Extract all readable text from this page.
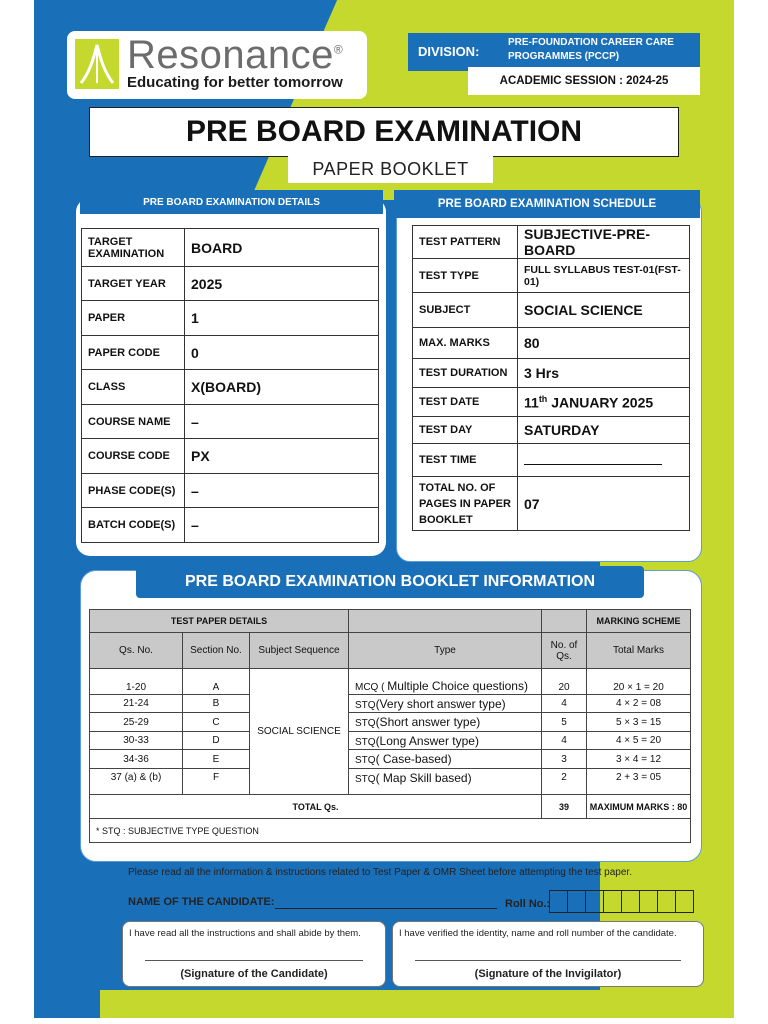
Resonance®
Educating for better tomorrow
DIVISION:
PRE-FOUNDATION CAREER CARE PROGRAMMES (PCCP)
ACADEMIC SESSION : 2024-25
PRE BOARD EXAMINATION
PAPER BOOKLET
PRE BOARD EXAMINATION DETAILS
TARGET EXAMINATION	BOARD
TARGET YEAR	2025
PAPER	1
PAPER CODE	0
CLASS	X(BOARD)
COURSE NAME	–
COURSE CODE	PX
PHASE CODE(S)	–
BATCH CODE(S)	–
PRE BOARD EXAMINATION SCHEDULE
TEST PATTERN	SUBJECTIVE-PRE-BOARD
TEST TYPE	FULL SYLLABUS TEST-01(FST-01)
SUBJECT	SOCIAL SCIENCE
MAX. MARKS	80
TEST DURATION	3 Hrs
TEST DATE	11th JANUARY 2025
TEST DAY	SATURDAY
TEST TIME	
TOTAL NO. OF PAGES IN PAPER BOOKLET	07
PRE BOARD EXAMINATION BOOKLET INFORMATION
TEST PAPER DETAILS					MARKING SCHEME
Qs. No.	Section No.	Subject Sequence	Type	No. of Qs.	Total Marks
1-20	A	SOCIAL SCIENCE	MCQ ( Multiple Choice questions)	20	20 × 1 = 20
21-24	B		STQ(Very short answer type)	4	4 × 2 = 08
25-29	C		STQ(Short answer type)	5	5 × 3 = 15
30-33	D		STQ(Long Answer type)	4	4 × 5 = 20
34-36	E		STQ( Case-based)	3	3 × 4 = 12
37 (a) & (b)	F		STQ( Map Skill based)	2	2 + 3 = 05
TOTAL Qs.				39	MAXIMUM MARKS : 80
* STQ : SUBJECTIVE TYPE QUESTION					
Please read all the information & instructions related to Test Paper & OMR Sheet before attempting the test paper.
NAME OF THE CANDIDATE:	Roll No.:
I have read all the instructions and shall abide by them.
(Signature of the Candidate)
I have verified the identity, name and roll number of the candidate.
(Signature of the Invigilator)
